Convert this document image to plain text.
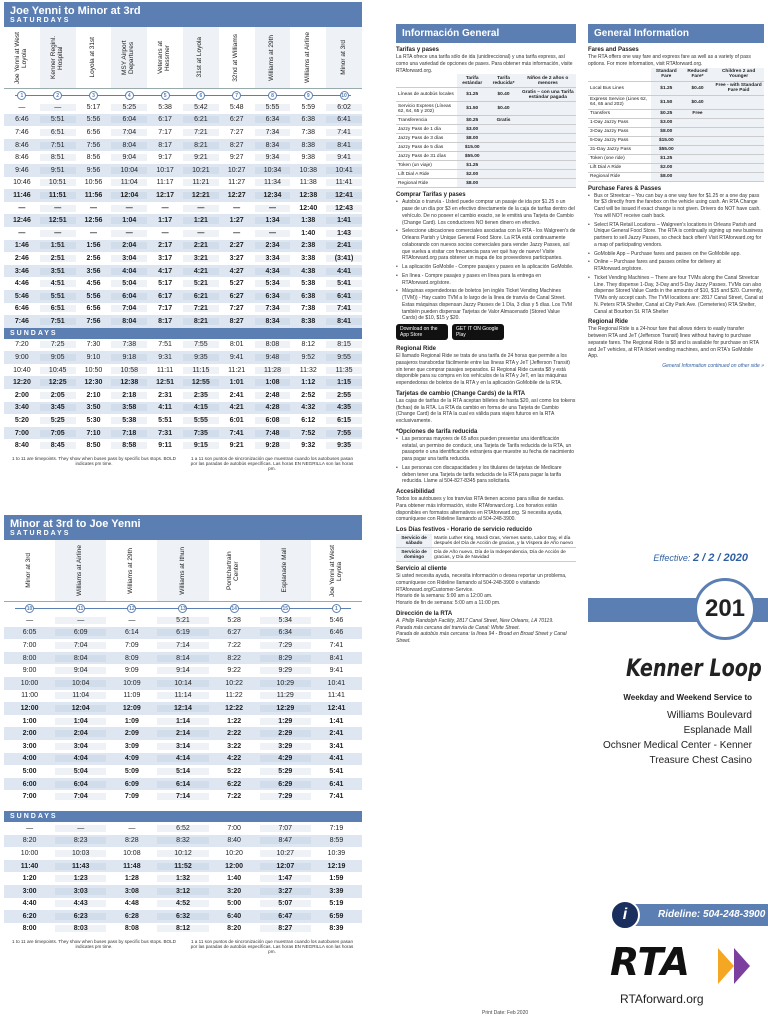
Joe Yenni to Minor at 3rd
SATURDAYS
Joe Yenni at West Loyola	Kenner Reginl. Hospital	Loyola at 31st	MSY Airport Departures	Veterans at Hessmer	31st at Loyola	32nd at Williams	Williams at 29th	Williams at Airline	Minor at 3rd
1	2	3	4	5	6	7	8	9	10
—	—	5:17	5:25	5:38	5:42	5:48	5:55	5:59	6:02
6:46	5:51	5:56	6:04	6:17	6:21	6:27	6:34	6:38	6:41
7:46	6:51	6:56	7:04	7:17	7:21	7:27	7:34	7:38	7:41
8:46	7:51	7:56	8:04	8:17	8:21	8:27	8:34	8:38	8:41
8:46	8:51	8:56	9:04	9:17	9:21	9:27	9:34	9:38	9:41
9:46	9:51	9:56	10:04	10:17	10:21	10:27	10:34	10:38	10:41
10:46	10:51	10:56	11:04	11:17	11:21	11:27	11:34	11:38	11:41
11:46	11:51	11:56	12:04	12:17	12:21	12:27	12:34	12:38	12:41
—	—	—	—	—	—	—	—	12:40	12:43
12:46	12:51	12:56	1:04	1:17	1:21	1:27	1:34	1:38	1:41
—	—	—	—	—	—	—	—	1:40	1:43
1:46	1:51	1:56	2:04	2:17	2:21	2:27	2:34	2:38	2:41
2:46	2:51	2:56	3:04	3:17	3:21	3:27	3:34	3:38	(3:41)
3:46	3:51	3:56	4:04	4:17	4:21	4:27	4:34	4:38	4:41
4:46	4:51	4:56	5:04	5:17	5:21	5:27	5:34	5:38	5:41
5:46	5:51	5:56	6:04	6:17	6:21	6:27	6:34	6:38	6:41
6:46	6:51	6:56	7:04	7:17	7:21	7:27	7:34	7:38	7:41
7:46	7:51	7:56	8:04	8:17	8:21	8:27	8:34	8:38	8:41
SUNDAYS
7:20	7:25	7:30	7:38	7:51	7:55	8:01	8:08	8:12	8:15
9:00	9:05	9:10	9:18	9:31	9:35	9:41	9:48	9:52	9:55
10:40	10:45	10:50	10:58	11:11	11:15	11:21	11:28	11:32	11:35
12:20	12:25	12:30	12:38	12:51	12:55	1:01	1:08	1:12	1:15
2:00	2:05	2:10	2:18	2:31	2:35	2:41	2:48	2:52	2:55
3:40	3:45	3:50	3:58	4:11	4:15	4:21	4:28	4:32	4:35
5:20	5:25	5:30	5:38	5:51	5:55	6:01	6:08	6:12	6:15
7:00	7:05	7:10	7:18	7:31	7:35	7:41	7:48	7:52	7:55
8:40	8:45	8:50	8:58	9:11	9:15	9:21	9:28	9:32	9:35
1 to 11 are timepoints. They show when buses pass by specific bus stops. BOLD indicates pm time.
1 a 11 son puntos de sincronización que muestran cuando los autobuses pasan por las paradas de autobús específicas. Las horas EN NEGRILLA son las horas pm.
Minor at 3rd to Joe Yenni
SATURDAYS
Minor at 3rd	Williams at Airline	Williams at 29th	Williams at Ithun	Pontchartrain Center	Esplanade Mall	Joe Yenni at West Loyola
10	11	12	13	14	15	1
—	—	—	5:21	5:28	5:34	5:46
6:05	6:09	6:14	6:19	6:27	6:34	6:46
7:00	7:04	7:09	7:14	7:22	7:29	7:41
8:00	8:04	8:09	8:14	8:22	8:29	8:41
9:00	9:04	9:09	9:14	9:22	9:29	9:41
10:00	10:04	10:09	10:14	10:22	10:29	10:41
11:00	11:04	11:09	11:14	11:22	11:29	11:41
12:00	12:04	12:09	12:14	12:22	12:29	12:41
1:00	1:04	1:09	1:14	1:22	1:29	1:41
2:00	2:04	2:09	2:14	2:22	2:29	2:41
3:00	3:04	3:09	3:14	3:22	3:29	3:41
4:00	4:04	4:09	4:14	4:22	4:29	4:41
5:00	5:04	5:09	5:14	5:22	5:29	5:41
6:00	6:04	6:09	6:14	6:22	6:29	6:41
7:00	7:04	7:09	7:14	7:22	7:29	7:41
SUNDAYS
—	—	—	6:52	7:00	7:07	7:19
8:20	8:23	8:28	8:32	8:40	8:47	8:59
10:00	10:03	10:08	10:12	10:20	10:27	10:39
11:40	11:43	11:48	11:52	12:00	12:07	12:19
1:20	1:23	1:28	1:32	1:40	1:47	1:59
3:00	3:03	3:08	3:12	3:20	3:27	3:39
4:40	4:43	4:48	4:52	5:00	5:07	5:19
6:20	6:23	6:28	6:32	6:40	6:47	6:59
8:00	8:03	8:08	8:12	8:20	8:27	8:39
1 to 11 are timepoints. They show when buses pass by specific bus stops. BOLD indicates pm time.
1 a 11 son puntos de sincronización que muestran cuando los autobuses pasan por las paradas de autobús específicas. Las horas EN NEGRILLA son las horas pm.
Información General
Tarifas y pases
La RTA ofrece una tarifa sólo de ida (unidireccional) y una tarifa express, así como una variedad de opciones de pases. Para obtener más información, visite RTAforward.org.
	Tarifa estándar	Tarifa reducida*	Niños de 2 años o menores
Líneas de autobús locales	$1.25	$0.40	Gratis – con una Tarifa estándar pagada
Servicio Express (Líneas 62, 64, 65 y 202)	$1.50	$0.40	
Transferencia	$0.25	Gratis	
Jazzy Pass de 1 día	$3.00		
Jazzy Pass de 3 días	$8.00		
Jazzy Pass de 5 días	$15.00		
Jazzy Pass de 31 días	$55.00		
Token (un viaje)	$1.25		
Lift Dial A Ride	$2.00		
Regional Ride	$8.00		
Comprar Tarifas y pases
• Autobús o tranvía - Usted puede comprar un pasaje de ida por $1.25 o un pase de un día por $3 en efectivo directamente de la caja de tarifas dentro del vehículo. De no poseer el cambio exacto, se le emitirá una Tarjeta de Cambio (Change Card). Los conductores NO tienen dinero en efectivo.
• Seleccione ubicaciones comerciales asociadas con la RTA - los Walgreen's de Orleans Parish y Unique General Food Store. La RTA está continuamente colaborando con nuevos socios comerciales para vender Jazzy Passes, así que vuelva a visitar con frecuencia para ver qué hay de nuevo! Visite RTAforward.org para obtener un mapa de los proveedores participantes.
• La aplicación GoMobile - Compre pasajes y pases en la aplicación GoMobile.
• En línea - Compre pasajes y pases en línea para la entrega en RTAforward.org/store.
• Máquinas expendedoras de boletos (en inglés Ticket Vending Machines (TVM)) - Hay cuatro TVM a lo largo de la línea de tranvía de Canal Street. Estas máquinas dispensan Jazzy Passes de 1 Día, 3 días y 5 días. Los TVM también pueden dispensar Tarjetas de Valor Almacenado (Stored Value Cards) de $10, $15 y $20.
Download on the App Store
GET IT ON Google Play
Regional Ride
El llamado Regional Ride se trata de una tarifa de 24 horas que permite a los pasajeros transbordar fácilmente entre las líneas RTA y JeT (Jefferson Transit) sin tener que comprar pasajes separados. El Regional Ride cuesta $8 y está disponible para su compra en los vehículos de la RTA y JeT, en las máquinas expendedoras de boletos de la RTA y en la aplicación GoMobile de la RTA.
Tarjetas de cambio (Change Cards) de la RTA
Las cajas de tarifas de la RTA aceptan billetes de hasta $20, así como los tokens (fichas) de la RTA. La RTA da cambio en forma de una Tarjeta de Cambio (Change Card) de la RTA la cual es válida para viajes futuros en la RTA exclusivamente.
*Opciones de tarifa reducida
• Las personas mayores de 65 años pueden presentar una identificación estatal, un permiso de conducir, una Tarjeta de Tarifa reducida de la RTA, un pasaporte o una identificación extranjera que muestre su fecha de nacimiento para pagar una tarifa reducida.
• Las personas con discapacidades y los titulares de tarjetas de Medicare deben tener una Tarjeta de tarifa reducida de la RTA para pagar la tarifa reducida. Llame al 504-827-8345 para solicitarla.
Accesibilidad
Todos los autobuses y los tranvías RTA tienen acceso para sillas de ruedas. Para obtener más información, visite RTAforward.org. Los horarios están disponibles en formatos alternativos en RTAforward.org. Si necesita ayuda, comuníquese con Rideline llamando al 504-248-3900.
Los Días festivos - Horario de servicio reducido
Servicio de sábado	Martin Luther King, Mardi Gras, Viernes santo, Labor Day, el día después del Día de Acción de gracias, y la Víspera de Año nuevo
Servicio de domingo	Día de Año nuevo, Día de la Independencia, Día de Acción de gracias, y Día de Navidad
Servicio al cliente
Si usted necesita ayuda, necesita información o desea reportar un problema, comuníquese con Rideline llamando al 504-248-3900 o visitando RTAforward.org/Customer-Service.
Horario de la semana: 5:00 am a 12:00 am.
Horario de fin de semana: 5:00 am a 11:00 pm.
Dirección de la RTA
A. Philip Randolph Facility, 2817 Canal Street, New Orleans, LA 70119.
Parada más cercana del tranvía de Canal: White Street.
Parada de autobús más cercana: la línea 94 - Broad en Broad Street y Canal Street.
Print Date: Feb 2020
General Information
Fares and Passes
The RTA offers one way fare and express fare as well as a variety of pass options. For more information, visit RTAforward.org.
	Standard Fare	Reduced Fare*	Children 2 and Younger
Local Bus Lines	$1.25	$0.40	Free - with Standard Fare Paid
Express Service (Lines 62, 64, 65 and 202)	$1.50	$0.40	
Transfers	$0.25	Free	
1-Day Jazzy Pass	$3.00		
3-Day Jazzy Pass	$8.00		
5-Day Jazzy Pass	$15.00		
31-Day Jazzy Pass	$55.00		
Token (one ride)	$1.25		
Lift Dial A Ride	$2.00		
Regional Ride	$8.00		
Purchase Fares & Passes
• Bus or Streetcar – You can buy a one way fare for $1.25 or a one day pass for $3 directly from the farebox on the vehicle using cash. An RTA Change Card will be issued if exact change is not given. Drivers do NOT have cash. You will NOT receive cash back.
• Select RTA Retail Locations – Walgreen's locations in Orleans Parish and Unique General Food Store. The RTA is continually signing up new business partners to sell Jazzy Passes, so check back often! Visit RTAforward.org for a map of participating vendors.
• GoMobile App – Purchase fares and passes on the GoMobile app.
• Online – Purchase fares and passes online for delivery at RTAforward.org/store.
• Ticket Vending Machines – There are four TVMs along the Canal Streetcar Line. They dispense 1-Day, 3-Day and 5-Day Jazzy Passes. TVMs can also dispense Stored Value Cards in the amounts of $10, $15 and $20. Currently, TVMs only accept cash. The TVM locations are: 2817 Canal Street, Canal at N. Peters RTA Shelter, Canal at City Park Ave. (Cemeteries) RTA Shelter, Canal at Bourbon St. RTA Shelter
Regional Ride
The Regional Ride is a 24-hour fare that allows riders to easily transfer between RTA and JeT (Jefferson Transit) lines without having to purchase separate fares. The Regional Ride is $8 and is available for purchase on RTA and JeT vehicles, at RTA ticket vending machines, and on RTA's GoMobile App.
General Information continued on other side »
Effective: 2 / 2 / 2020
201
Kenner Loop
Weekday and Weekend Service to
Williams Boulevard
Esplanade Mall
Ochsner Medical Center - Kenner
Treasure Chest Casino
Rideline: 504-248-3900
i
RTA
RTAforward.org
